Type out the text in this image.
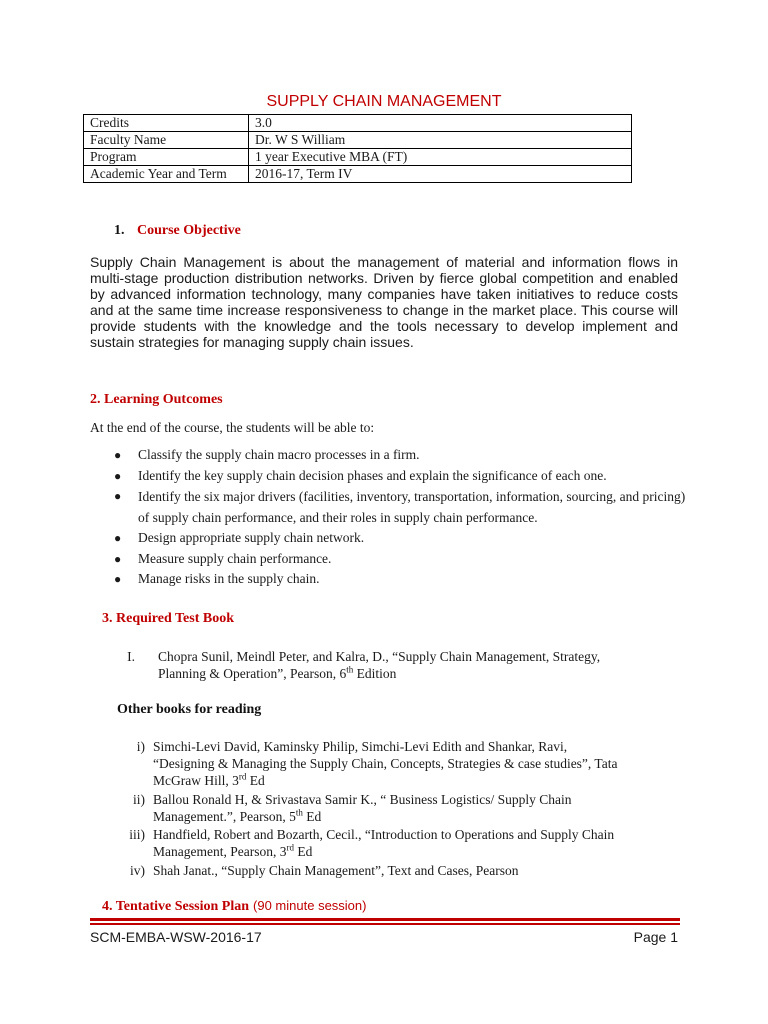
SUPPLY CHAIN MANAGEMENT
Credits	3.0
Faculty Name	Dr. W S William
Program	1 year Executive MBA (FT)
Academic Year and Term	2016-17, Term IV
1. Course Objective
Supply Chain Management is about the management of material and information flows in multi-stage production distribution networks. Driven by fierce global competition and enabled by advanced information technology, many companies have taken initiatives to reduce costs and at the same time increase responsiveness to change in the market place. This course will provide students with the knowledge and the tools necessary to develop implement and sustain strategies for managing supply chain issues.
2. Learning Outcomes
At the end of the course, the students will be able to:
● Classify the supply chain macro processes in a firm.
● Identify the key supply chain decision phases and explain the significance of each one.
● Identify the six major drivers (facilities, inventory, transportation, information, sourcing, and pricing) of supply chain performance, and their roles in supply chain performance.
● Design appropriate supply chain network.
● Measure supply chain performance.
● Manage risks in the supply chain.
3. Required Test Book
I. Chopra Sunil, Meindl Peter, and Kalra, D., “Supply Chain Management, Strategy,
Planning & Operation”, Pearson, 6th Edition
Other books for reading
i) Simchi-Levi David, Kaminsky Philip, Simchi-Levi Edith and Shankar, Ravi,
“Designing & Managing the Supply Chain, Concepts, Strategies & case studies”, Tata
McGraw Hill, 3rd Ed
ii) Ballou Ronald H, & Srivastava Samir K., “ Business Logistics/ Supply Chain
Management.”, Pearson, 5th Ed
iii) Handfield, Robert and Bozarth, Cecil., “Introduction to Operations and Supply Chain
Management, Pearson, 3rd Ed
iv) Shah Janat., “Supply Chain Management”, Text and Cases, Pearson
4. Tentative Session Plan (90 minute session)
SCM-EMBA-WSW-2016-17	Page 1
